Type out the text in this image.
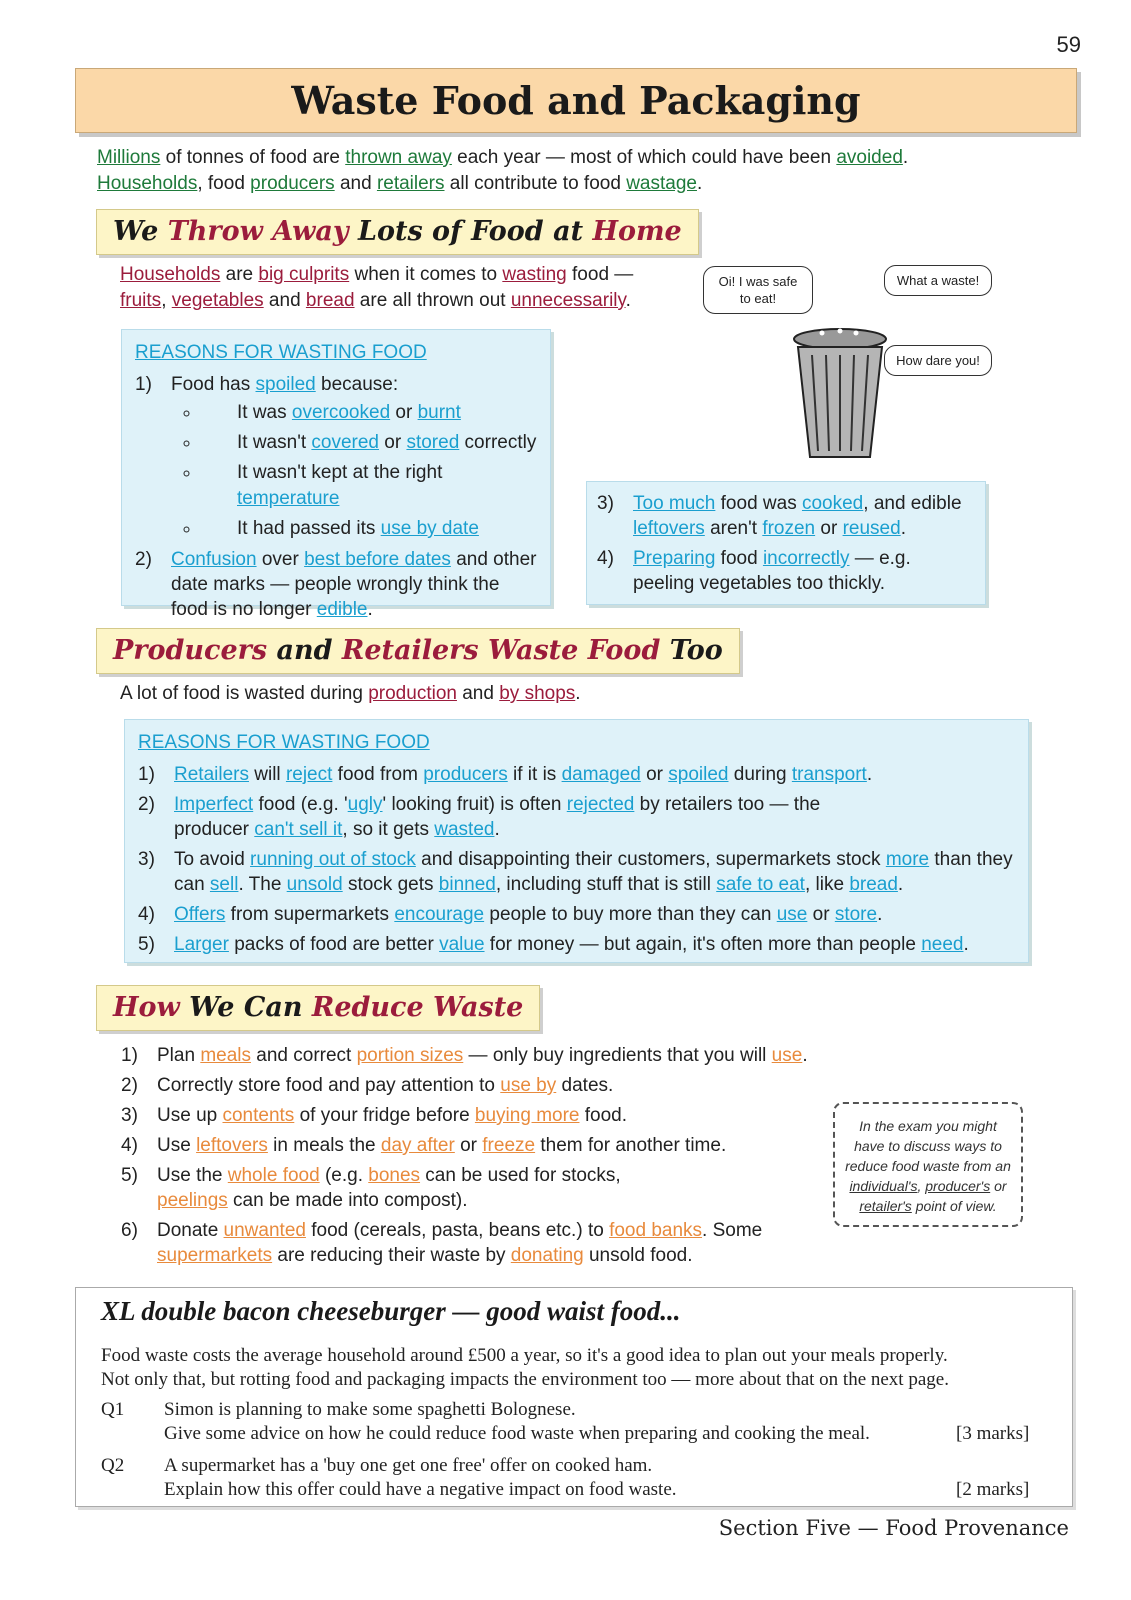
59
Waste Food and Packaging
Millions of tonnes of food are thrown away each year — most of which could have been avoided.
Households, food producers and retailers all contribute to food wastage.
We Throw Away Lots of Food at Home
Households are big culprits when it comes to wasting food —
fruits, vegetables and bread are all thrown out unnecessarily.
REASONS FOR WASTING FOOD
1) Food has spoiled because:
◦ It was overcooked or burnt
◦ It wasn't covered or stored correctly
◦ It wasn't kept at the right temperature
◦ It had passed its use by date
2) Confusion over best before dates and other date marks — people wrongly think the food is no longer edible.
3) Too much food was cooked, and edible leftovers aren't frozen or reused.
4) Preparing food incorrectly — e.g. peeling vegetables too thickly.
Oi! I was safe to eat!
What a waste!
How dare you!
Producers and Retailers Waste Food Too
A lot of food is wasted during production and by shops.
REASONS FOR WASTING FOOD
1) Retailers will reject food from producers if it is damaged or spoiled during transport.
2) Imperfect food (e.g. 'ugly' looking fruit) is often rejected by retailers too — the producer can't sell it, so it gets wasted.
3) To avoid running out of stock and disappointing their customers, supermarkets stock more than they can sell. The unsold stock gets binned, including stuff that is still safe to eat, like bread.
4) Offers from supermarkets encourage people to buy more than they can use or store.
5) Larger packs of food are better value for money — but again, it's often more than people need.
How We Can Reduce Waste
1) Plan meals and correct portion sizes — only buy ingredients that you will use.
2) Correctly store food and pay attention to use by dates.
3) Use up contents of your fridge before buying more food.
4) Use leftovers in meals the day after or freeze them for another time.
5) Use the whole food (e.g. bones can be used for stocks, peelings can be made into compost).
6) Donate unwanted food (cereals, pasta, beans etc.) to food banks. Some supermarkets are reducing their waste by donating unsold food.
In the exam you might have to discuss ways to reduce food waste from an individual's, producer's or retailer's point of view.
XL double bacon cheeseburger — good waist food...
Food waste costs the average household around £500 a year, so it's a good idea to plan out your meals properly.
Not only that, but rotting food and packaging impacts the environment too — more about that on the next page.
Q1 Simon is planning to make some spaghetti Bolognese.
Give some advice on how he could reduce food waste when preparing and cooking the meal.	[3 marks]
Q2 A supermarket has a 'buy one get one free' offer on cooked ham.
Explain how this offer could have a negative impact on food waste.	[2 marks]
Section Five — Food Provenance
